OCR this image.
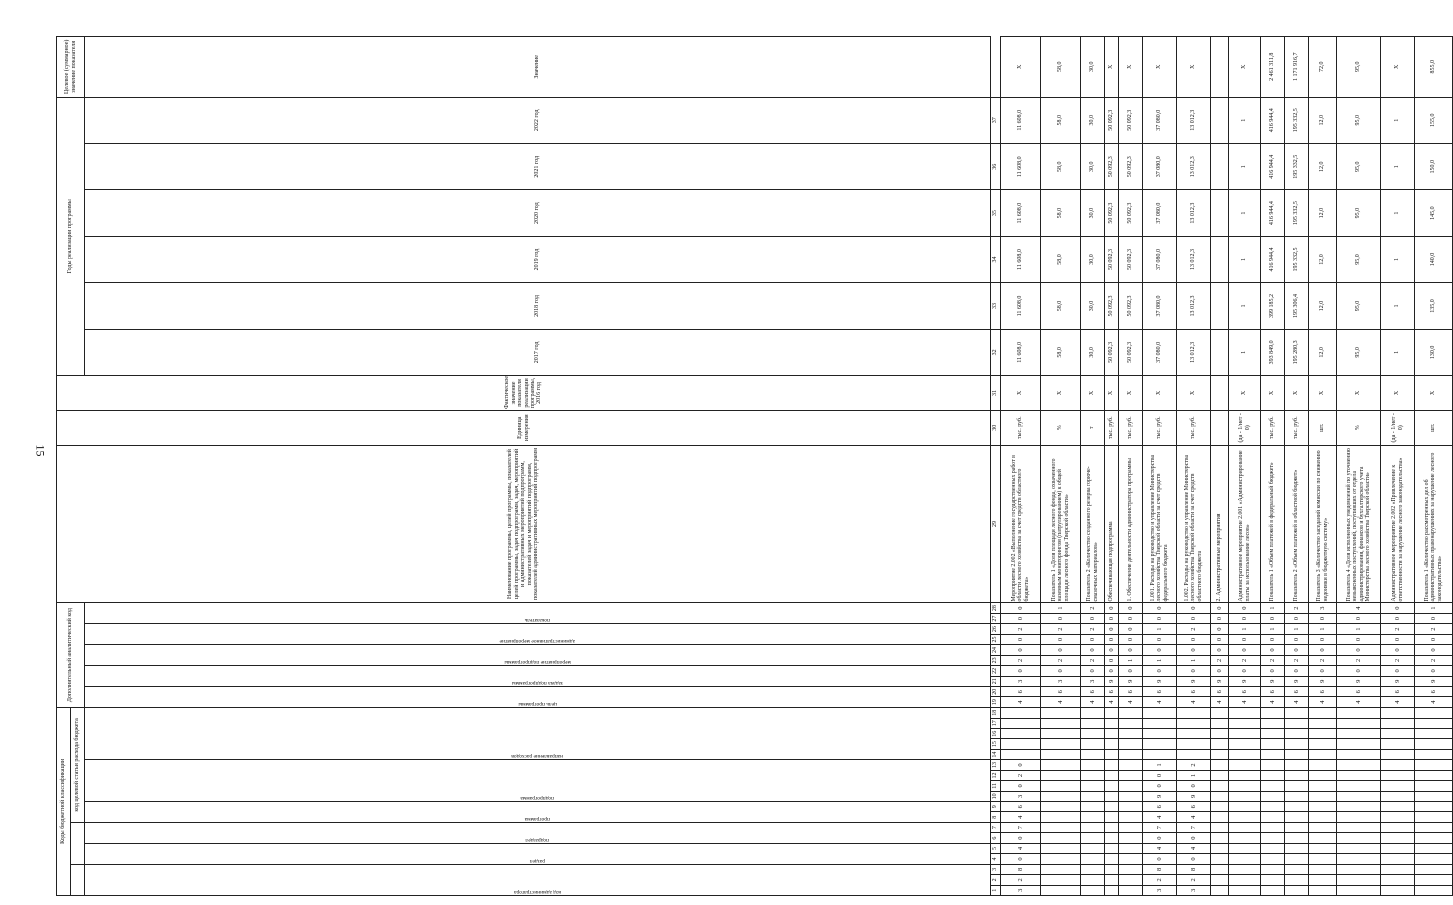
15
Коды бюджетной классификации																		Дополнительный аналитический код										Наименование программы, целей программы, показателей целей программы, задач подпрограмм, задач, мероприятий и административных мероприятий подпрограмм, показателей задач и мероприятий подпрограмм, показателей административных мероприятий подпрограмм	Единица измерения	Фактическое значение показателя реализации программы, 2016 год	Годы реализации программы						Целевое (суммарное) значение показателя
							код целевой статьи расхода бюджета																														

код администратора			раздел		подраздел		программа		подпрограмма				направление расходов					цель программы		задача подпрограммы		мероприятие подпрограммы		административное мероприятие		показатель					2017 год	2018 год	2019 год	2020 год	2021 год	2022 год	Значение
1	2	3	4	5	6	7	8	9	10	11	12	13	14	15	16	17	18	19	20	21	22	23	24	25	26	27	28	29	30	31	32	33	34	35	36	37	
3	2	8	0	4	0	7	4	6	3	0	2	0						4	6	3	0	2	0	0	2	0	0	Мероприятие 2.002 «Выполнение государственных работ в области лесного хозяйства за счет средств областного бюджета»	тыс. руб.	Х	11 608,0	11 608,0	11 608,0	11 608,0	11 608,0	11 608,0	Х
																		4	6	3	0	2	0	0	2	0	1	Показатель 1 «Доля площади лесного фонда, охваченного наземным мониторингом (патрулированием) к общей площади лесного фонда Тверской области»	%	Х	58,0	58,0	58,0	58,0	58,0	58,0	58,0
																		4	6	3	0	2	0	0	2	0	2	Показатель 2 «Количество созданного резерва горюче-смазочных материалов»	т	Х	30,0	30,0	30,0	30,0	30,0	30,0	30,0
																		4	6	9	0	0	0	0	0	0	0	Обеспечивающая подпрограмма	тыс. руб.	Х	50 092,3	50 092,3	50 092,3	50 092,3	50 092,3	50 092,3	Х
																		4	6	9	0	1	0	0	0	0	0	1. Обеспечение деятельности администратора программы	тыс. руб.	Х	50 092,3	50 092,3	50 092,3	50 092,3	50 092,3	50 092,3	Х
3	2	8	0	4	0	7	4	6	9	0	0	1						4	6	9	0	1	0	0	1	0	0	1.001. Расходы на руководство и управление Министерства лесного хозяйства Тверской области за счет средств федерального бюджета	тыс. руб.	Х	37 080,0	37 080,0	37 080,0	37 080,0	37 080,0	37 080,0	Х
3	2	8	0	4	0	7	4	6	9	0	1	2						4	6	9	0	1	0	0	2	0	0	1.002. Расходы на руководство и управление Министерства лесного хозяйства Тверской области за счет средств областного бюджета	тыс. руб.	Х	13 012,3	13 012,3	13 012,3	13 012,3	13 012,3	13 012,3	Х
																		4	6	9	0	2	0	0	0	0	0	2. Административные мероприятия									
																		4	6	9	0	2	0	0	1	0	0	Административное мероприятие 2.001 «Администрирование платы за использование лесов»	(да - 1/нет - 0)	Х	1	1	1	1	1	1	Х
																		4	6	9	0	2	0	0	1	0	1	Показатель 1 «Объем платежей в федеральный бюджет»	тыс. руб.	Х	393 849,0	399 185,2	416 944,4	416 944,4	416 944,4	416 944,4	2 461 311,8
																		4	6	9	0	2	0	0	1	0	2	Показатель 2 «Объем платежей в областной бюджет»	тыс. руб.	Х	195 280,3	195 306,4	195 332,5	195 332,5	195 332,5	195 332,5	1 171 916,7
																		4	6	9	0	2	0	0	1	0	3	Показатель 3 «Количество заседаний комиссии по снижению недоимки в бюджетную систему»	шт.	Х	12,0	12,0	12,0	12,0	12,0	12,0	72,0
																		4	6	9	0	2	0	0	1	0	4	Показатель 4 «Доля исполненных уведомлений по уточнению невыясненных поступлений, поступивших от отдела администрирования, финансов и бухгалтерского учета Министерства лесного хозяйства Тверской области»	%	Х	95,0	95,0	95,0	95,0	95,0	95,0	95,0
																		4	6	9	0	2	0	0	2	0	0	Административное мероприятие 2.002 «Привлечение к ответственности за нарушение лесного законодательства»	(да - 1/нет - 0)	Х	1	1	1	1	1	1	Х
																		4	6	9	0	2	0	0	2	0	1	Показатель 1 «Количество рассмотренных дел об административных правонарушениях за нарушение лесного законодательства»	шт.	Х	130,0	135,0	140,0	145,0	150,0	155,0	855,0
